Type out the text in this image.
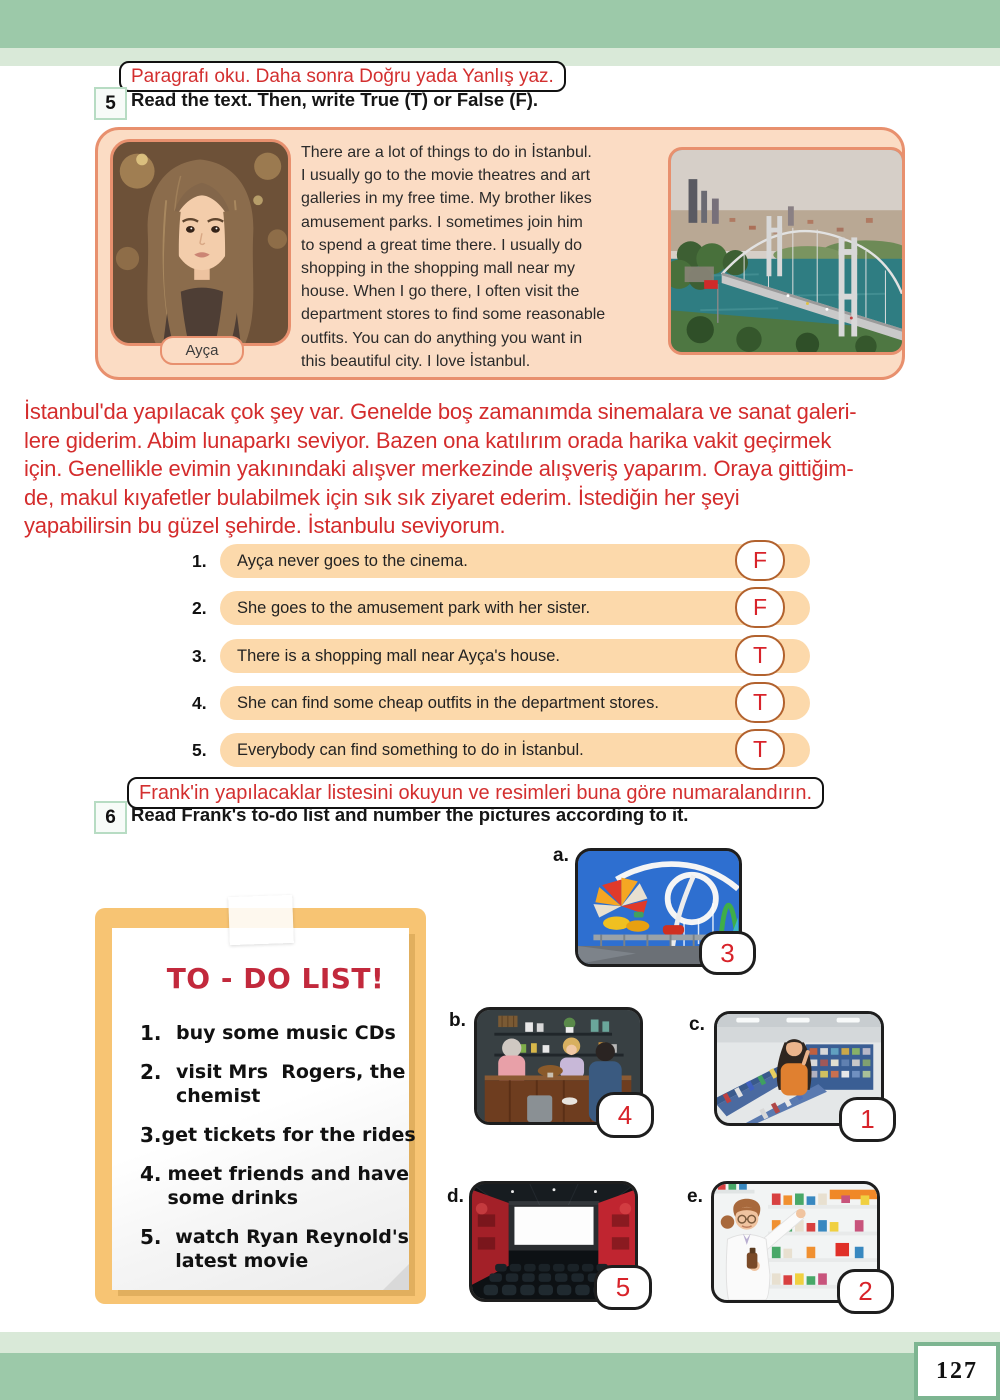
127
Paragrafı oku. Daha sonra Doğru yada Yanlış yaz.
5 Read the text. Then, write True (T) or False (F).
Ayça
There are a lot of things to do in İstanbul.
I usually go to the movie theatres and art
galleries in my free time. My brother likes
amusement parks. I sometimes join him
to spend a great time there. I usually do
shopping in the shopping mall near my
house. When I go there, I often visit the
department stores to find some reasonable
outfits. You can do anything you want in
this beautiful city. I love İstanbul.
İstanbul'da yapılacak çok şey var. Genelde boş zamanımda sinemalara ve sanat galeri-
lere giderim. Abim lunaparkı seviyor. Bazen ona katılırım orada harika vakit geçirmek
için. Genellikle evimin yakınındaki alışver merkezinde alışveriş yaparım. Oraya gittiğim-
de, makul kıyafetler bulabilmek için sık sık ziyaret ederim. İstediğin her şeyi
yapabilirsin bu güzel şehirde. İstanbulu seviyorum.
1.	Ayça never goes to the cinema.	F
2.	She goes to the amusement park with her sister.	F
3.	There is a shopping mall near Ayça's house.	T
4.	She can find some cheap outfits in the department stores.	T
5.	Everybody can find something to do in İstanbul.	T
Frank'in yapılacaklar listesini okuyun ve resimleri buna göre numaralandırın.
6 Read Frank's to-do list and number the pictures according to it.
TO - DO LIST!
1. buy some music CDs
2. visit Mrs  Rogers, the
chemist
3. get tickets for the rides
4. meet friends and have
some drinks
5. watch Ryan Reynold's
latest movie
a.
3
b.
4
c.
1
d.
5
e.
2
